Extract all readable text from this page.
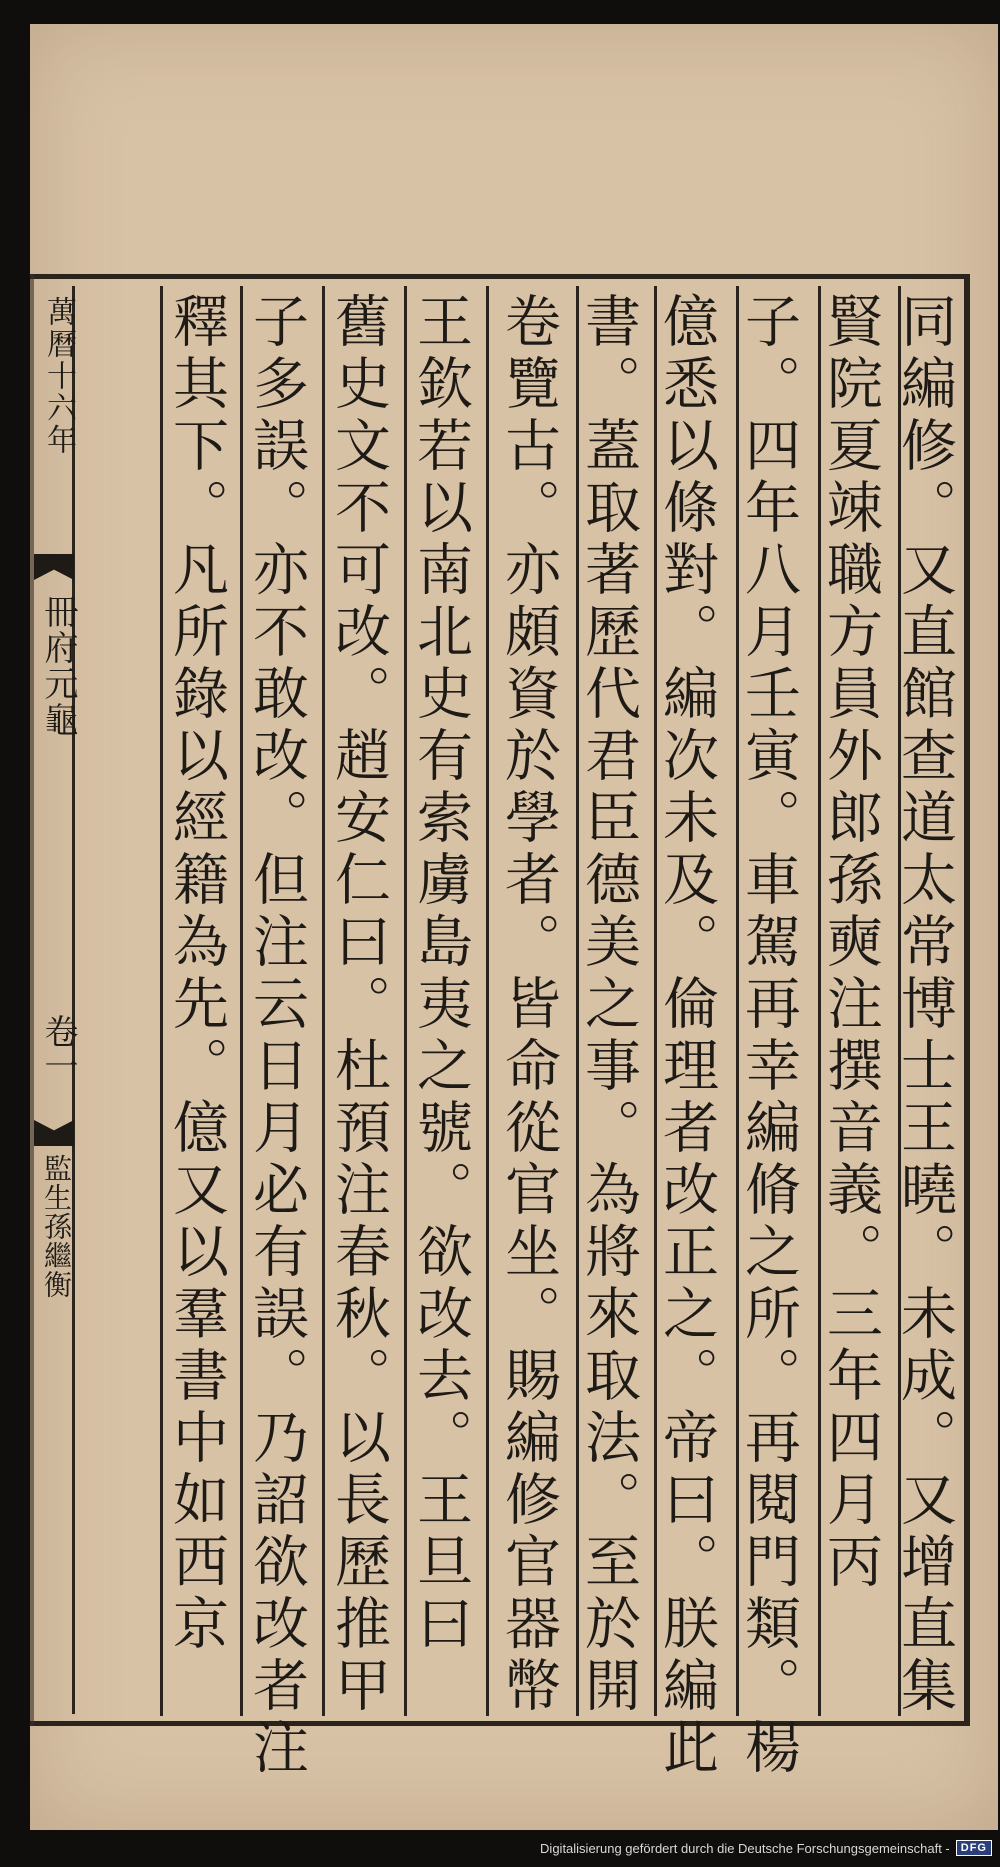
萬曆十六年
冊府元龜
卷一
監生孫繼衡	同編修。又直館查道太常博士王曉。未成。又增直集
賢院夏竦職方員外郎孫奭注撰音義。三年四月丙
子。四年八月壬寅。車駕再幸編脩之所。再閱門類。楊
億悉以條對。編次未及。倫理者改正之。帝曰。朕編此
書。蓋取著歷代君臣德美之事。為將來取法。至於開
卷覽古。亦頗資於學者。皆命從官坐。賜編修官器幣
王欽若以南北史有索虜島夷之號。欲改去。王旦曰
舊史文不可改。趙安仁曰。杜預注春秋。以長歷推甲
子多誤。亦不敢改。但注云日月必有誤。乃詔欲改者注
釋其下。凡所錄以經籍為先。億又以羣書中如西京
Digitalisierung gefördert durch die Deutsche Forschungsgemeinschaft -	DFG
